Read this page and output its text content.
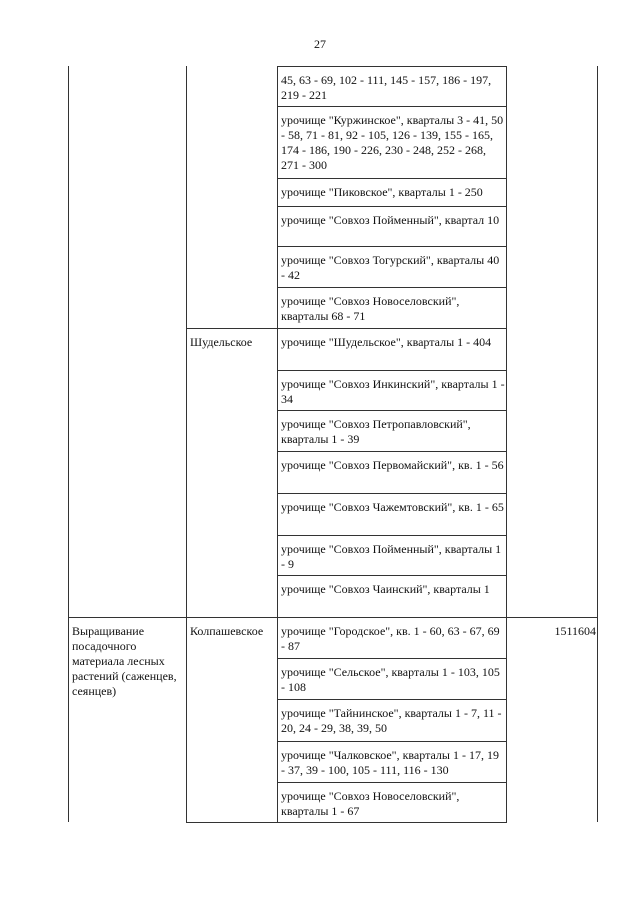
27
Выращивание посадочного материала лесных растений (саженцев, сеянцев)
Шудельское
Колпашевское	1511604
45, 63 - 69, 102 - 111, 145 - 157, 186 - 197, 219 - 221
урочище "Куржинское", кварталы 3 - 41, 50 - 58, 71 - 81, 92 - 105, 126 - 139, 155 - 165, 174 - 186, 190 - 226, 230 - 248, 252 - 268, 271 - 300
урочище "Пиковское", кварталы 1 - 250
урочище "Совхоз Пойменный", квартал 10
урочище "Совхоз Тогурский", кварталы 40 - 42
урочище "Совхоз Новоселовский", кварталы 68 - 71
урочище "Шудельское", кварталы 1 - 404
урочище "Совхоз Инкинский", кварталы 1 - 34
урочище "Совхоз Петропавловский", кварталы 1 - 39
урочище "Совхоз Первомайский", кв. 1 - 56
урочище "Совхоз Чажемтовский", кв. 1 - 65
урочище "Совхоз Пойменный", кварталы 1 - 9
урочище "Совхоз Чаинский", кварталы 1
урочище "Городское", кв. 1 - 60, 63 - 67, 69 - 87
урочище "Сельское", кварталы 1 - 103, 105 - 108
урочище "Тайнинское", кварталы 1 - 7, 11 - 20, 24 - 29, 38, 39, 50
урочище "Чалковское", кварталы 1 - 17, 19 - 37, 39 - 100, 105 - 111, 116 - 130
урочище "Совхоз Новоселовский", кварталы 1 - 67
